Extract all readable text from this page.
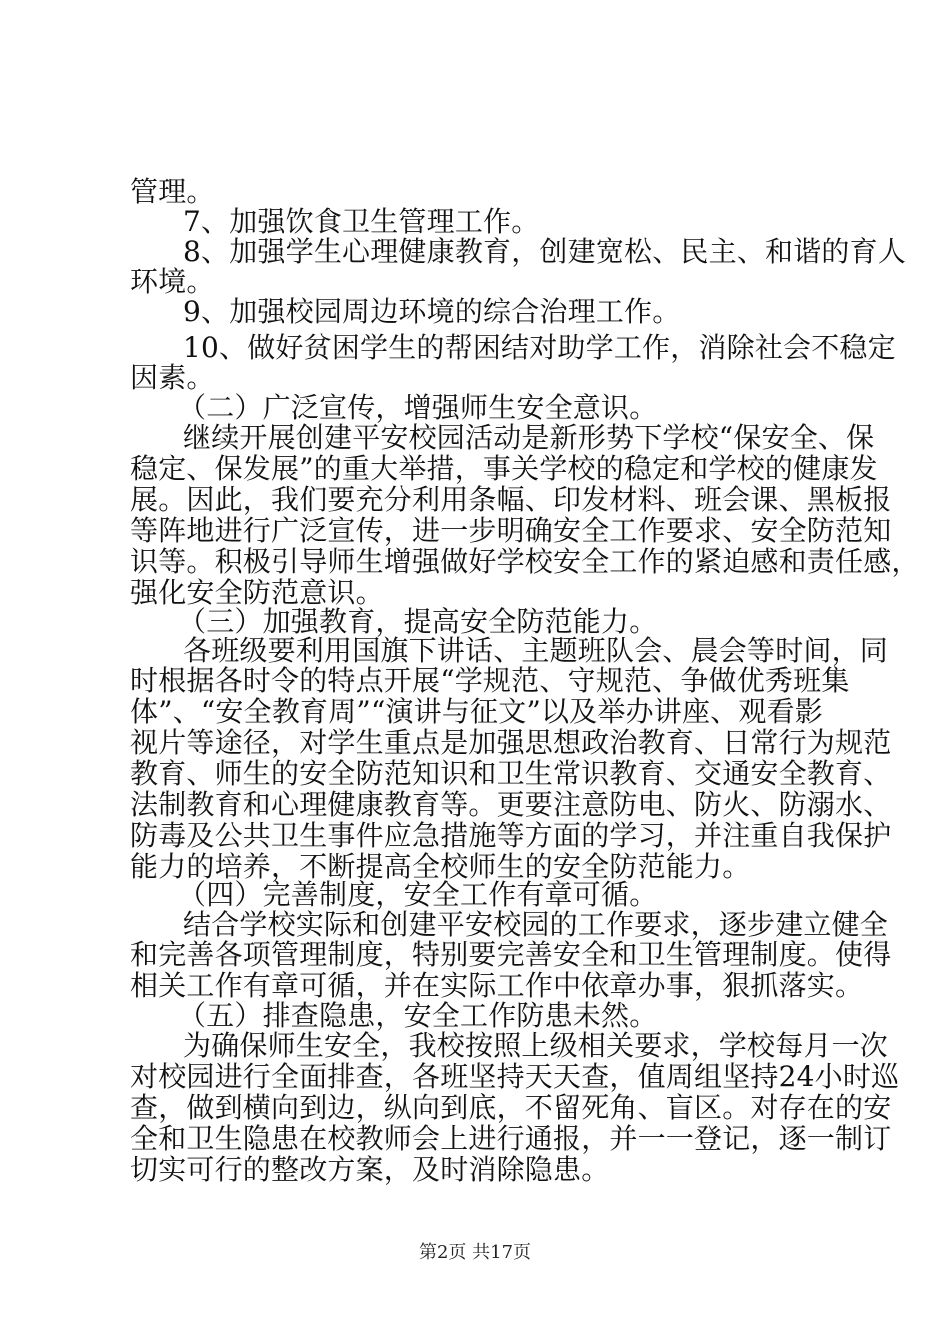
管理。
7、加强饮食卫生管理工作。
8、加强学生心理健康教育，创建宽松、民主、和谐的育人
环境。
9、加强校园周边环境的综合治理工作。
10、做好贫困学生的帮困结对助学工作，消除社会不稳定
因素。
（二）广泛宣传，增强师生安全意识。
继续开展创建平安校园活动是新形势下学校“保安全、保
稳定、保发展”的重大举措，事关学校的稳定和学校的健康发
展。因此，我们要充分利用条幅、印发材料、班会课、黑板报
等阵地进行广泛宣传，进一步明确安全工作要求、安全防范知
识等。积极引导师生增强做好学校安全工作的紧迫感和责任感，
强化安全防范意识。
（三）加强教育，提高安全防范能力。
各班级要利用国旗下讲话、主题班队会、晨会等时间，同
时根据各时令的特点开展“学规范、守规范、争做优秀班集
体”、“安全教育周”“演讲与征文”以及举办讲座、观看影
视片等途径，对学生重点是加强思想政治教育、日常行为规范
教育、师生的安全防范知识和卫生常识教育、交通安全教育、
法制教育和心理健康教育等。更要注意防电、防火、防溺水、
防毒及公共卫生事件应急措施等方面的学习，并注重自我保护
能力的培养，不断提高全校师生的安全防范能力。
（四）完善制度，安全工作有章可循。
结合学校实际和创建平安校园的工作要求，逐步建立健全
和完善各项管理制度，特别要完善安全和卫生管理制度。使得
相关工作有章可循，并在实际工作中依章办事，狠抓落实。
（五）排查隐患，安全工作防患未然。
为确保师生安全，我校按照上级相关要求，学校每月一次
对校园进行全面排查，各班坚持天天查，值周组坚持24小时巡
查，做到横向到边，纵向到底，不留死角、盲区。对存在的安
全和卫生隐患在校教师会上进行通报，并一一登记，逐一制订
切实可行的整改方案，及时消除隐患。
第2页 共17页
